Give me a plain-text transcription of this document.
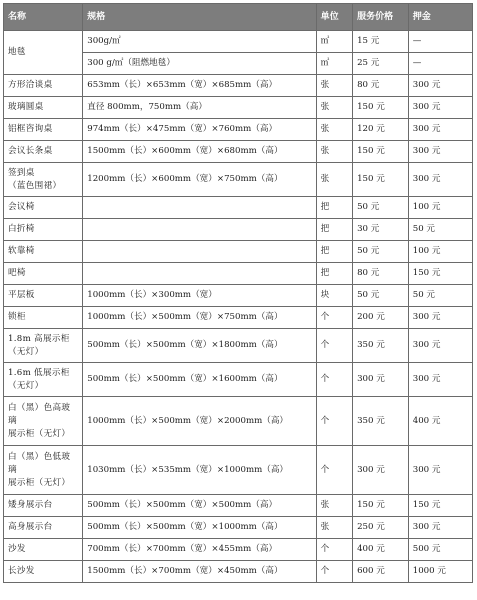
名称	规格	单位	服务价格	押金
地毯	300g/㎡	㎡	15 元	—
	300 g/㎡（阻燃地毯）	㎡	25 元	—
方形洽谈桌	653mm（长）×653mm（宽）×685mm（高）	张	80 元	300 元
玻璃圆桌	直径 800mm，750mm（高）	张	150 元	300 元
铝框咨询桌	974mm（长）×475mm（宽）×760mm（高）	张	120 元	300 元
会议长条桌	1500mm（长）×600mm（宽）×680mm（高）	张	150 元	300 元
签到桌
（蓝色围裙）	1200mm（长）×600mm（宽）×750mm（高）	张	150 元	300 元
会议椅		把	50 元	100 元
白折椅		把	30 元	50 元
软靠椅		把	50 元	100 元
吧椅		把	80 元	150 元
平层板	1000mm（长）×300mm（宽）	块	50 元	50 元
锁柜	1000mm（长）×500mm（宽）×750mm（高）	个	200 元	300 元
1.8m 高展示柜
（无灯）	500mm（长）×500mm（宽）×1800mm（高）	个	350 元	300 元
1.6m 低展示柜
（无灯）	500mm（长）×500mm（宽）×1600mm（高）	个	300 元	300 元
白（黑）色高玻璃
展示柜（无灯）	1000mm（长）×500mm（宽）×2000mm（高）	个	350 元	400 元
白（黑）色低玻璃
展示柜（无灯）	1030mm（长）×535mm（宽）×1000mm（高）	个	300 元	300 元
矮身展示台	500mm（长）×500mm（宽）×500mm（高）	张	150 元	150 元
高身展示台	500mm（长）×500mm（宽）×1000mm（高）	张	250 元	300 元
沙发	700mm（长）×700mm（宽）×455mm（高）	个	400 元	500 元
长沙发	1500mm（长）×700mm（宽）×450mm（高）	个	600 元	1000 元
